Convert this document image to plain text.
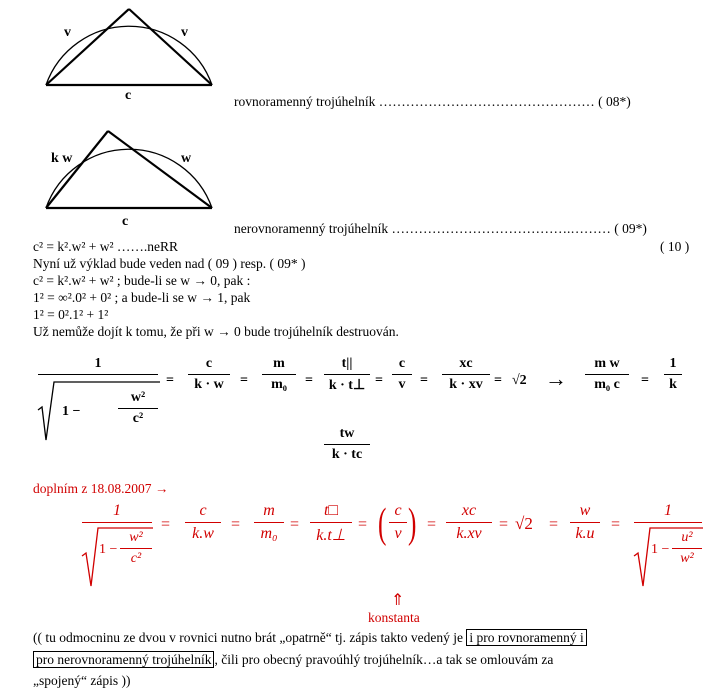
v	v
c	rovnoramenný trojúhelník ………………………………………… ( 08*)
k w	w
c	nerovnoramenný trojúhelník ………………………………….……… ( 09*)
c² = k².w² + w² …….neRR	( 10 )
Nyní už výklad bude veden nad ( 09 ) resp. ( 09* )
c² = k².w² + w² ; bude-li se w → 0, pak :
1² = ∞².0² + 0² ; a bude-li se w → 1, pak
1² = 0².1² + 1²
Už nemůže dojít k tomu, že při w → 0 bude trojúhelník destruován.
1
1 −
w²
c²
=
c
k · w =
m
m₀ =
t||
k · t⊥ =
c
v =
xc
k · xv = √2 →
m w
m₀ c =
1
k
tw
k · tc
doplním z 18.08.2007 →
1
1 −
w²
c²
=
c
k.w
=
m
m₀
=
t□
k.t⊥
= ( c
v ) =
xc
k.xv
= √2 =
w
k.u
=
1
1 −
u²
w²
⇑
konstanta
(( tu odmocninu ze dvou v rovnici nutno brát „opatrně“ tj. zápis takto vedený je i pro rovnoramenný i
pro nerovnoramenný trojúhelník , čili pro obecný pravoúhlý trojúhelník…a tak se omlouvám za
„spojený“ zápis ))
